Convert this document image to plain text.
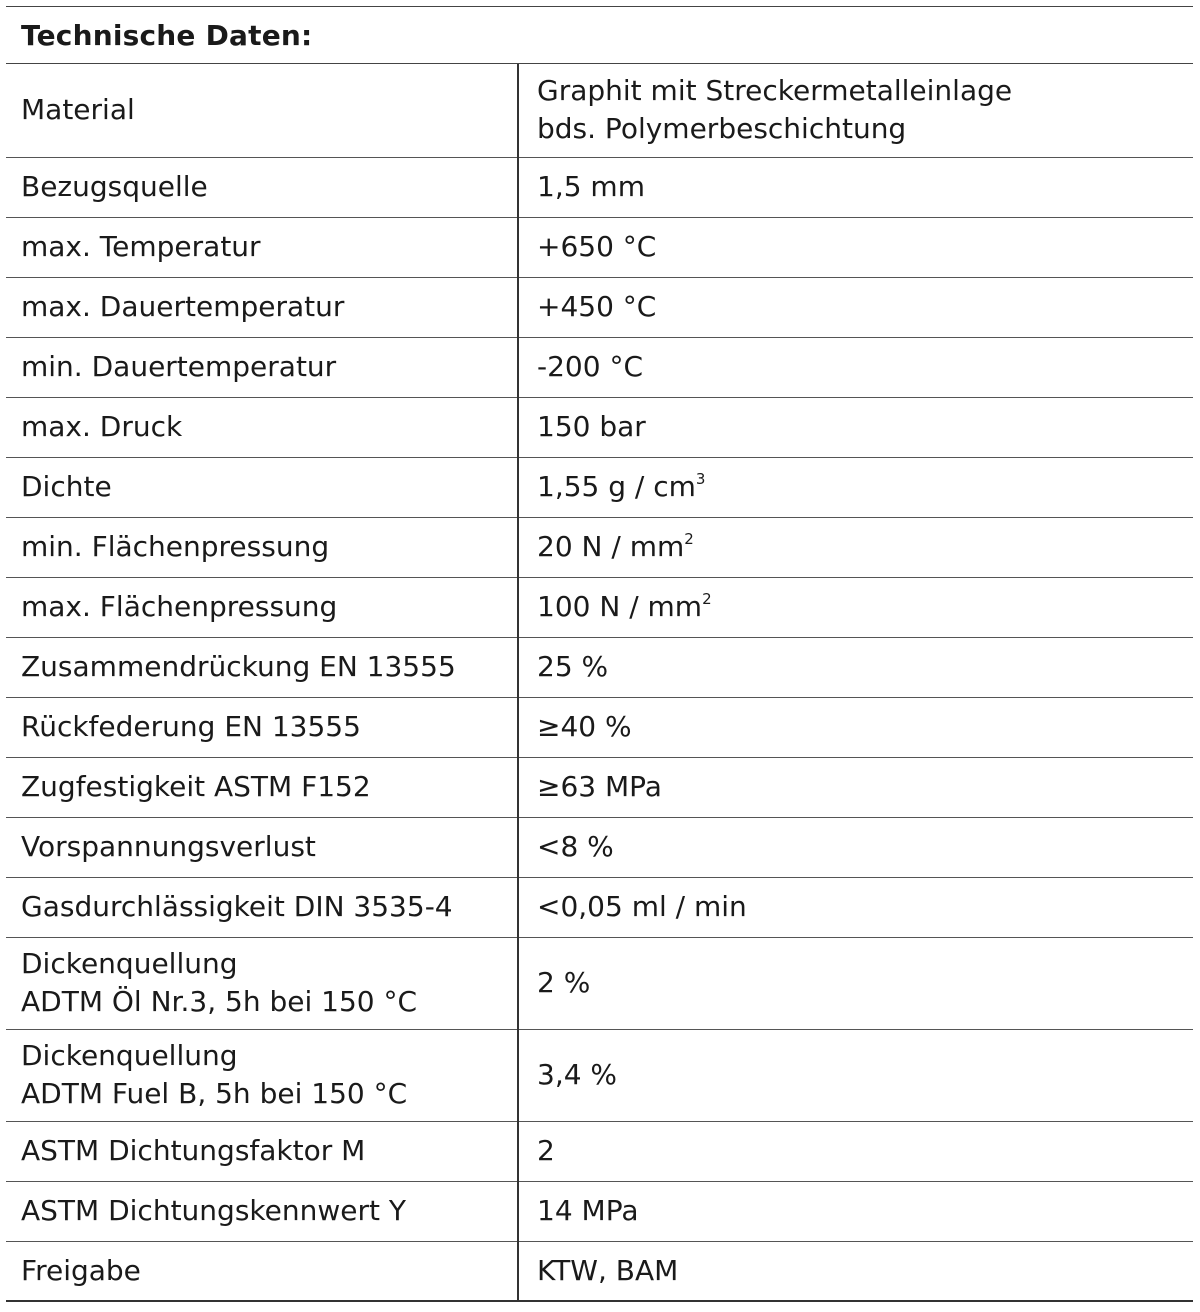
Technische Daten:
Material	Graphit mit Streckermetalleinlage
bds. Polymerbeschichtung
Bezugsquelle	1,5 mm
max. Temperatur	+650 °C
max. Dauertemperatur	+450 °C
min. Dauertemperatur	-200 °C
max. Druck	150 bar
Dichte	1,55 g / $cm^3$
min. Flächenpressung	20 N / $mm^2$
max. Flächenpressung	100 N / $mm^2$
Zusammendrückung EN 13555	25 %
Rückfederung EN 13555	≥40 %
Zugfestigkeit ASTM F152	≥63 MPa
Vorspannungsverlust	<8 %
Gasdurchlässigkeit DIN 3535-4	<0,05 ml / min
Dickenquellung
ADTM Öl Nr.3, 5h bei 150 °C	2 %
Dickenquellung
ADTM Fuel B, 5h bei 150 °C	3,4 %
ASTM Dichtungsfaktor M	2
ASTM Dichtungskennwert Y	14 MPa
Freigabe	KTW, BAM
